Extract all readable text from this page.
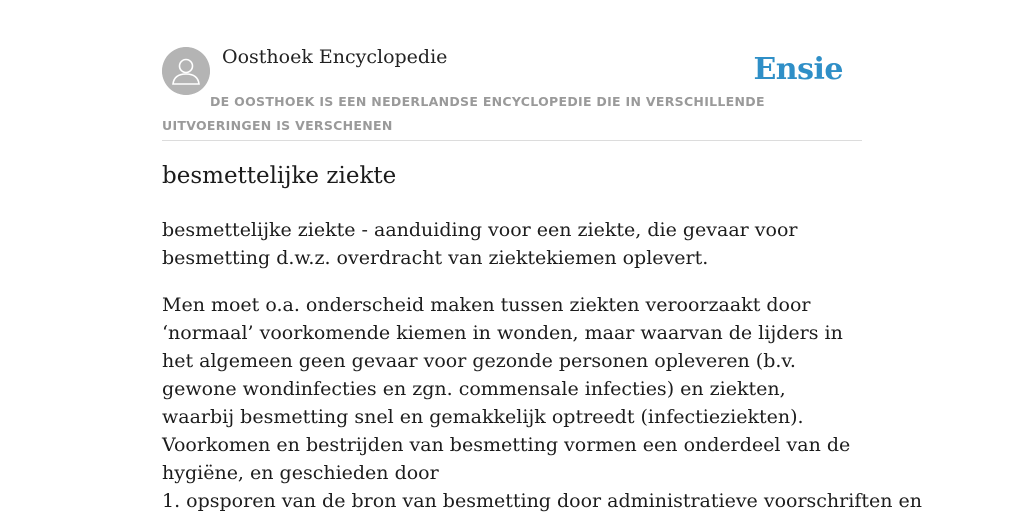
Oosthoek Encyclopedie	Ensie
DE OOSTHOEK IS EEN NEDERLANDSE ENCYCLOPEDIE DIE IN VERSCHILLENDE UITVOERINGEN IS VERSCHENEN
besmettelijke ziekte

besmettelijke ziekte - aanduiding voor een ziekte, die gevaar voor besmetting d.w.z. overdracht van ziektekiemen oplevert.

Men moet o.a. onderscheid maken tussen ziekten veroorzaakt door ‘normaal’ voorkomende kiemen in wonden, maar waarvan de lijders in het algemeen geen gevaar voor gezonde personen opleveren (b.v. gewone wondinfecties en zgn. commensale infecties) en ziekten, waarbij besmetting snel en gemakkelijk optreedt (infectieziekten). Voorkomen en bestrijden van besmetting vormen een onderdeel van de hygiëne, en geschieden door

1. opsporen van de bron van besmetting door administratieve voorschriften en
